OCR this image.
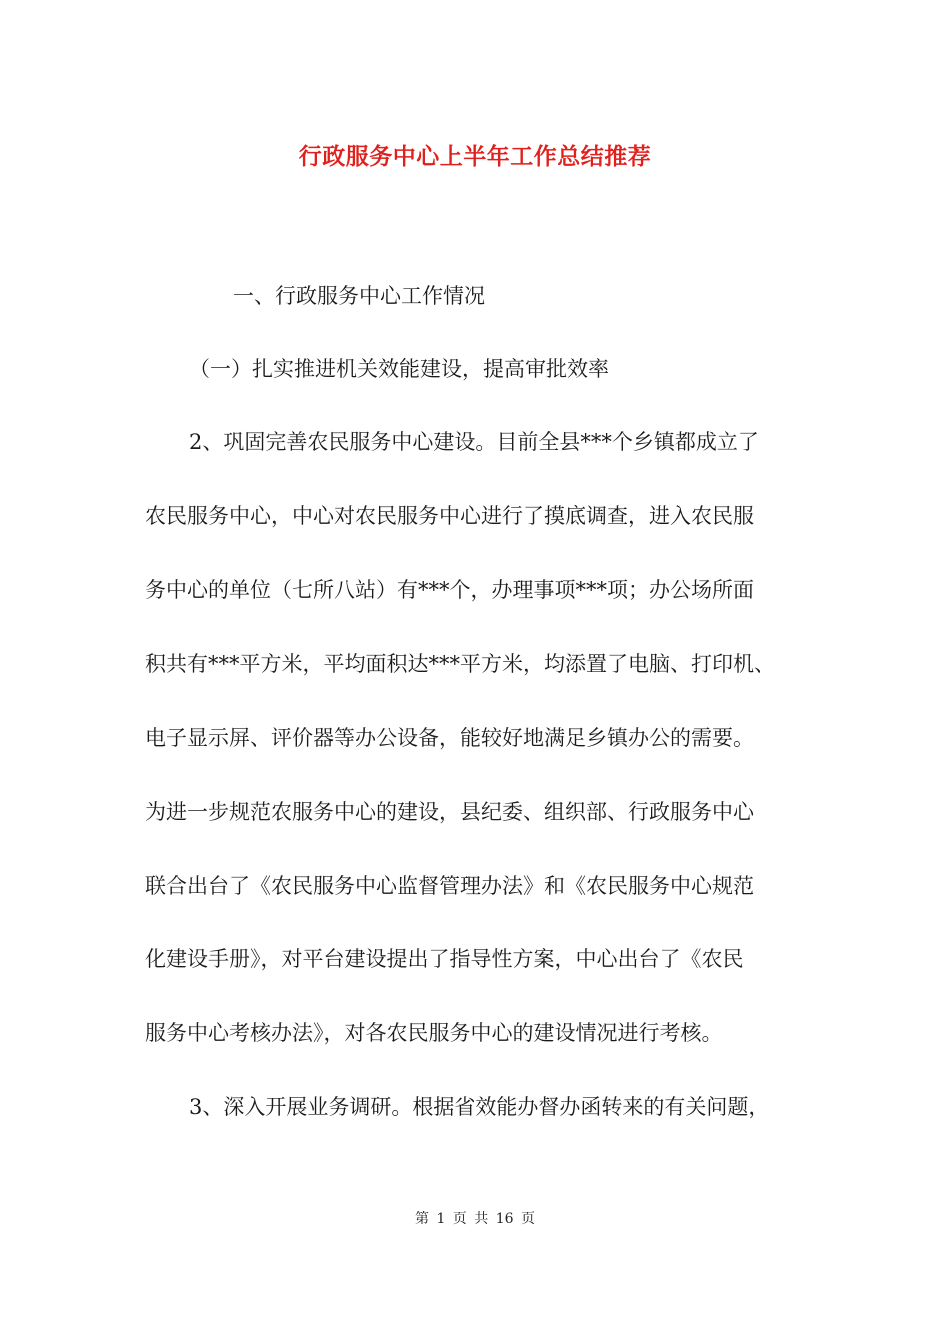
行政服务中心上半年工作总结推荐
一、行政服务中心工作情况
（一）扎实推进机关效能建设，提高审批效率
2、巩固完善农民服务中心建设。目前全县***个乡镇都成立了
农民服务中心，中心对农民服务中心进行了摸底调查，进入农民服
务中心的单位（七所八站）有***个，办理事项***项；办公场所面
积共有***平方米，平均面积达***平方米，均添置了电脑、打印机、
电子显示屏、评价器等办公设备，能较好地满足乡镇办公的需要。
为进一步规范农服务中心的建设，县纪委、组织部、行政服务中心
联合出台了《农民服务中心监督管理办法》和《农民服务中心规范
化建设手册》，对平台建设提出了指导性方案，中心出台了《农民
服务中心考核办法》，对各农民服务中心的建设情况进行考核。
3、深入开展业务调研。根据省效能办督办函转来的有关问题，
第 1 页 共 16 页
